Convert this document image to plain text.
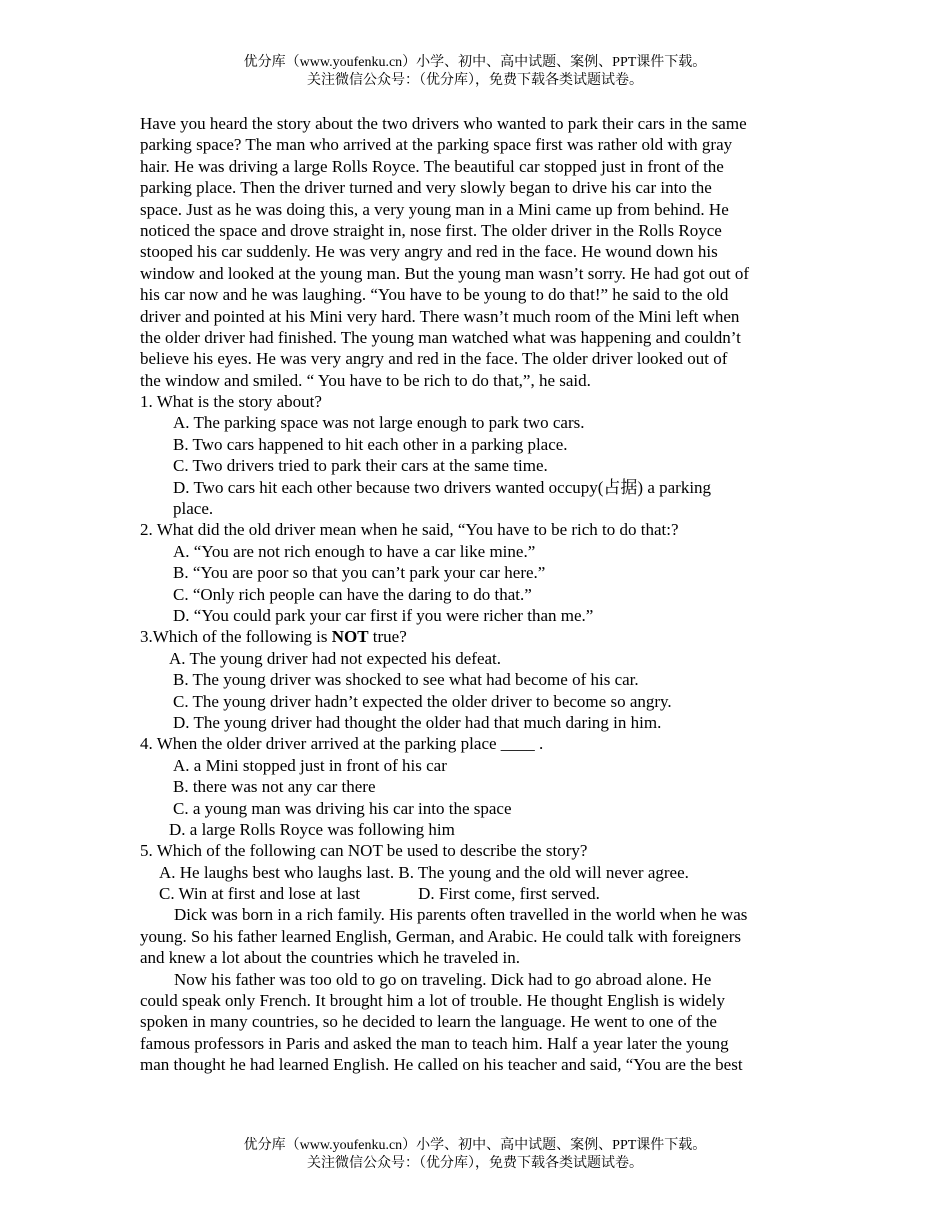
优分库（www.youfenku.cn）小学、初中、高中试题、案例、PPT课件下载。
关注微信公众号：（优分库），免费下载各类试题试卷。
Have you heard the story about the two drivers who wanted to park their cars in the same
parking space? The man who arrived at the parking space first was rather old with gray
hair. He was driving a large Rolls Royce. The beautiful car stopped just in front of the
parking place. Then the driver turned and very slowly began to drive his car into the
space. Just as he was doing this, a very young man in a Mini came up from behind. He
noticed the space and drove straight in, nose first. The older driver in the Rolls Royce
stooped his car suddenly. He was very angry and red in the face. He wound down his
window and looked at the young man. But the young man wasn’t sorry. He had got out of
his car now and he was laughing. “You have to be young to do that!” he said to the old
driver and pointed at his Mini very hard. There wasn’t much room of the Mini left when
the older driver had finished. The young man watched what was happening and couldn’t
believe his eyes. He was very angry and red in the face. The older driver looked out of
the window and smiled. “ You have to be rich to do that,”, he said.
1. What is the story about?
A. The parking space was not large enough to park two cars.
B. Two cars happened to hit each other in a parking place.
C. Two drivers tried to park their cars at the same time.
D. Two cars hit each other because two drivers wanted occupy(占据) a parking
place.
2. What did the old driver mean when he said, “You have to be rich to do that:?
A. “You are not rich enough to have a car like mine.”
B. “You are poor so that you can’t park your car here.”
C. “Only rich people can have the daring to do that.”
D. “You could park your car first if you were richer than me.”
3.Which of the following is NOT true?
A. The young driver had not expected his defeat.
B. The young driver was shocked to see what had become of his car.
C. The young driver hadn’t expected the older driver to become so angry.
D. The young driver had thought the older had that much daring in him.
4. When the older driver arrived at the parking place ____ .
A. a Mini stopped just in front of his car
B. there was not any car there
C. a young man was driving his car into the space
D. a large Rolls Royce was following him
5. Which of the following can NOT be used to describe the story?
A. He laughs best who laughs last. B. The young and the old will never agree.
C. Win at first and lose at last	D. First come, first served.
Dick was born in a rich family. His parents often travelled in the world when he was
young. So his father learned English, German, and Arabic. He could talk with foreigners
and knew a lot about the countries which he traveled in.
Now his father was too old to go on traveling. Dick had to go abroad alone. He
could speak only French. It brought him a lot of trouble. He thought English is widely
spoken in many countries, so he decided to learn the language. He went to one of the
famous professors in Paris and asked the man to teach him. Half a year later the young
man thought he had learned English. He called on his teacher and said, “You are the best
优分库（www.youfenku.cn）小学、初中、高中试题、案例、PPT课件下载。
关注微信公众号：（优分库），免费下载各类试题试卷。
